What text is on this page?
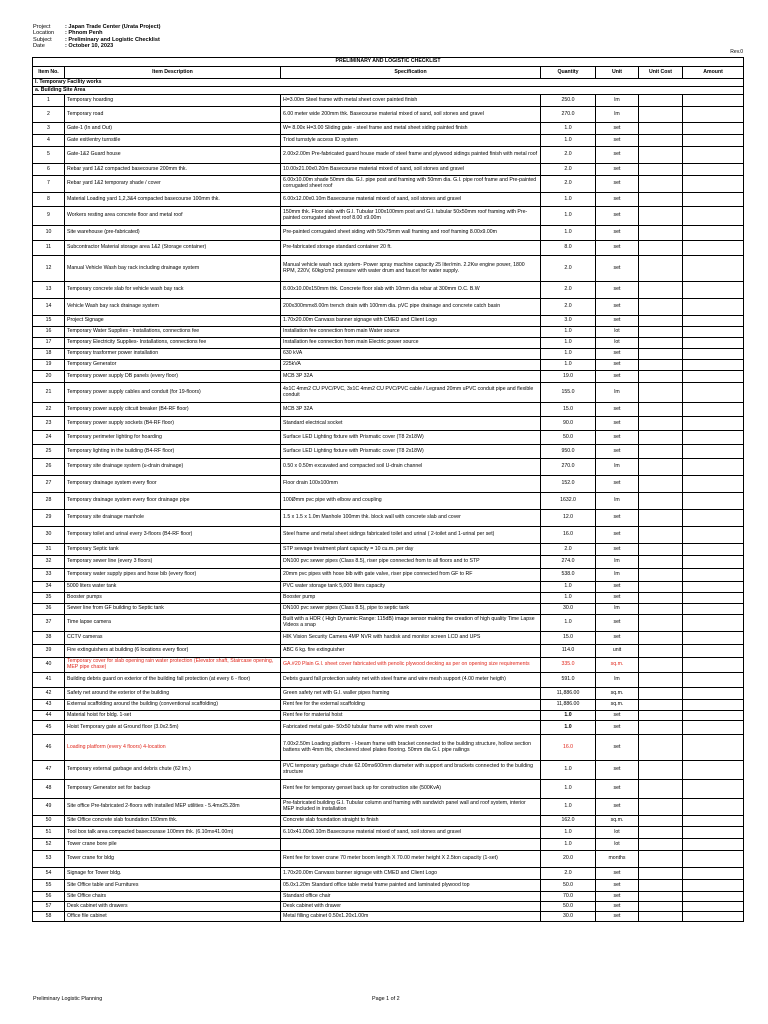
Project	: Japan Trade Center (Urata Project)
Location	: Phnom Penh
Subject	: Preliminary and Logistic Checklist
Date	: October 10, 2023
Rev.0
PRELIMINARY AND LOGISTIC CHECKLIST						
Item No.	Item Description	Specification	Quantity	Unit	Unit Cost	Amount
I. Temporary Facility works						
a. Building Site Area						
1	Temporary hoarding	H=3.00m Steel frame with metal sheet cover painted finish	250.0	lm		
2	Temporary road	6.00 meter wide 200mm thk. Basecourse material mixed of sand, soil stones and gravel	270.0	lm		
3	Gate-1 (In and Out)	W= 8.00x H=3.00 Sliding gate - steel frame and metal sheet siding painted finish	1.0	set		
4	Gate exit/entry turnstile	Triod turnstyle access ID system	1.0	set		
5	Gate-1&2 Guard house	2.00x2.00m Pre-fabricated guard house made of steel frame and plywood sidings painted finish with metal roof	2.0	set		
6	Rebar yard 1&2 compacted basecourse 200mm thk.	10.00x21.00x0.20m Basecourse material mixed of sand, soil stones and gravel	2.0	set		
7	Rebar yard 1&2 temporary shade / cover	6.00x10.00m shade 50mm dia. G.I. pipe post and framing with 50mm dia. G.I. pipe roof frame and Pre-painted corrugated sheet roof	2.0	set		
8	Material Loading yard 1,2,3&4 compacted basecourse 100mm thk.	6.00x12.00x0.10m Basecourse material mixed of sand, soil stones and gravel	1.0	set		
9	Workers resting area concrete floor and metal roof	150mm thk. Floor slab with G.I. Tubular 100x100mm post and G.I. tubular 50x50mm roof framing with Pre-painted corrugated sheet roof 8.00 x9.00m	1.0	set		
10	Site warehouse (pre-fabricated)	Pre-painted corrugated sheet siding with 50x75mm wall framing and roof framing 8.00x9.00m	1.0	set		
11	Subcontractor Material storage area 1&2 (Storage container)	Pre-fabricated storage standard container 20 ft.	8.0	set		
12	Manual Vehicle Wash bay rack including drainage system	Manual vehicle wash rack system- Power spray machine capacity 25 liter/min. 2.2Kw engine power, 1800 RPM, 220V, 60kg/cm2 pressure with water drum and faucet for water supply.	2.0	set		
13	Temporary concrete slab for vehicle wash bay rack	8.00x10.00x150mm thk. Concrete floor slab with 10mm dia rebar at 300mm O.C. B.W	2.0	set		
14	Vehicle Wash bay rack drainage system	200x300mmx8.00m trench drain with 100mm dia. pVC pipe drainage and concrete catch basin	2.0	set		
15	Project Signage	1.70x20.00m Canvass banner signage with CMED and Client Logo	3.0	set		
16	Temporary Water Supplies - Installations, connections fee	Installation fee connection from main Water source	1.0	lot		
17	Temporary Electricity Supplies- Installations, connections fee	Installation fee connection from main Electric power source	1.0	lot		
18	Temporary trasformer power installation	630 kVA	1.0	set		
19	Temporary Generator	225kVA	1.0	set		
20	Temporary power supply DB panels (every floor)	MCB 3P 32A	19.0	set		
21	Temporary power supply cables and conduit (for 19-floors)	4x1C 4mm2 CU PVC/PVC, 3x1C 4mm2 CU PVC/PVC cable / Legrand 20mm uPVC conduit pipe and flexible conduit	155.0	lm		
22	Temporary power supply citcuit breaker (B4-RF floor)	MCB 3P 32A	15.0	set		
23	Temporary power supply sockets (B4-RF floor)	Standard electrical socket	90.0	set		
24	Temporary perimeter lighting for hoarding	Surface LED Lighting fixture with Prismatic cover (T8 2x18W)	50.0	set		
25	Temporary lighting in the building (B4-RF floor)	Surface LED Lighting fixture with Prismatic cover (T8 2x18W)	950.0	set		
26	Temporary site drainage system (u-drain drainage)	0.50 x 0.50m excavated and compacted soil U-drain channel	270.0	lm		
27	Temporary drainage system every floor	Floor drain 100x100mm	152.0	set		
28	Temporary drainage system every floor drainage pipe	100Ømm pvc pipe with elbow and coupling	1632.0	lm		
29	Temporary site drainage manhole	1.5 x 1.5 x 1.0m Manhole 100mm thk. block wall with concrete slab and cover	12.0	set		
30	Temporary toilet and urinal every 3-floors (B4-RF floor)	Steel frame and metal sheet sidings fabricated toilet and urinal ( 2-toilet and 1-urinal per set)	16.0	set		
31	Temporary Septic tank	STP sewage treatment plant capacity = 10 cu.m. per day	2.0	set		
32	Temporary sewer line (every 3 floors)	DN100 pvc sewer pipes (Class 8.5), riser pipe connected from to all floors and to STP	274.0	lm		
33	Temporary water supply pipes and hose bib (every floor)	20mm pvc pipes with hose bib with gate valve, riser pipe connected from GF to RF	538.0	lm		
34	5000 liters water tank	PVC water storage tank 5,000 liters capacity	1.0	set		
35	Booster pumps	Booster pump	1.0	set		
36	Sewer line from GF building to Septic tank	DN100 pvc sewer pipes (Class 8.5), pipe to septic tank	30.0	lm		
37	Time lapse camera	Built with a HDR ( High Dynamic Range: 115dB) image sensor making the creation of high quality Time Lapse Videos a snap	1.0	set		
38	CCTV cameras	HIK Vision Security Camera 4MP NVR with hardisk and monitor screen LCD and UPS	15.0	set		
39	Fire extinguishers at building (6 locations every floor)	ABC 6 kg. fire extinguisher	114.0	unit		
40	Temporary cover for slab opening rain water protection (Elevator shaft, Staircase opening, MEP pipe chase)	GA.#20 Plain G.I. sheet cover fabricated with penolic plywood decking as per on opening size requirements	335.0	sq.m.		
41	Building debris guard on exterior of the building fall protection (at every 6 - floor)	Debris guard fall protection safety net with steel frame and wire mesh support (4.00 meter heigth)	591.0	lm		
42	Safety net around the exterior of the building	Green safety net with G.I. waller pipes framing	11,886.00	sq.m.		
43	External scaffolding around the building (conventional scaffolding)	Rent fee for the external scaffolding	11,886.00	sq.m.		
44	Material hoist for bldg. 1-set	Rent fee for material hoist	1.0	set		
45	Hoist Temporary gate at Ground floor (3.0x2.5m)	Fabricated metal gate- 50x50 tubular frame with wire mesh cover	1.0	set		
46	Loading platform (every 4 floors) 4-location	7.00x2.50m Loading platform - I-beam frame with bracket connected to the building structure, hollow section battens with 4mm thk, checkered steel plates flooring. 50mm dia G.I. pipe railings	16.0	set		
47	Temporary external garbage and debris chute (62 lm.)	PVC temporary garbage chute 62.00mx600mm diameter with support and brackets connected to the building structure	1.0	set		
48	Temporary Generator set for backup	Rent fee for temporary genset back up for construction site (500KvA)	1.0	set		
49	Site office Pre-fabricated 2-floors with installed MEP utilities - 5.4mx25.28m	Pre-fabricated building G.I. Tubular column and framing with sandwich panel wall and roof system, interior MEP included in installation	1.0	set		
50	Site Office concrete slab foundation 150mm thk.	Concrete slab foundation straight to finish	162.0	sq.m.		
51	Tool box talk area compacted basecourase 100mm thk. (6.10mx41.00m)	6.10x41.00x0.10m Basecourse material mixed of sand, soil stones and gravel	1.0	lot		
52	Tower crane bore pile		1.0	lot		
53	Tower crane for bldg	Rent fee for tower crane 70 meter boom length X 70.00 meter height X 2.5ton capacity (1-set)	20.0	months		
54	Signage for Tower bldg.	1.70x20.00m Canvass banner signage with CMED and Client Logo	2.0	set		
55	Site Office table and Furnitures	05.0x1.20m Standard office table metal frame painted and laminated plywood top	50.0	set		
56	Site Office chairs	Standard office chair	70.0	set		
57	Desk cabinet with drawers	Desk cabinet with drawer	50.0	set		
58	Office file cabinet	Metal filling cabinet 0.50x1.20x1.00m	30.0	set		
Preliminary Logistic Planning	Page 1 of 2
